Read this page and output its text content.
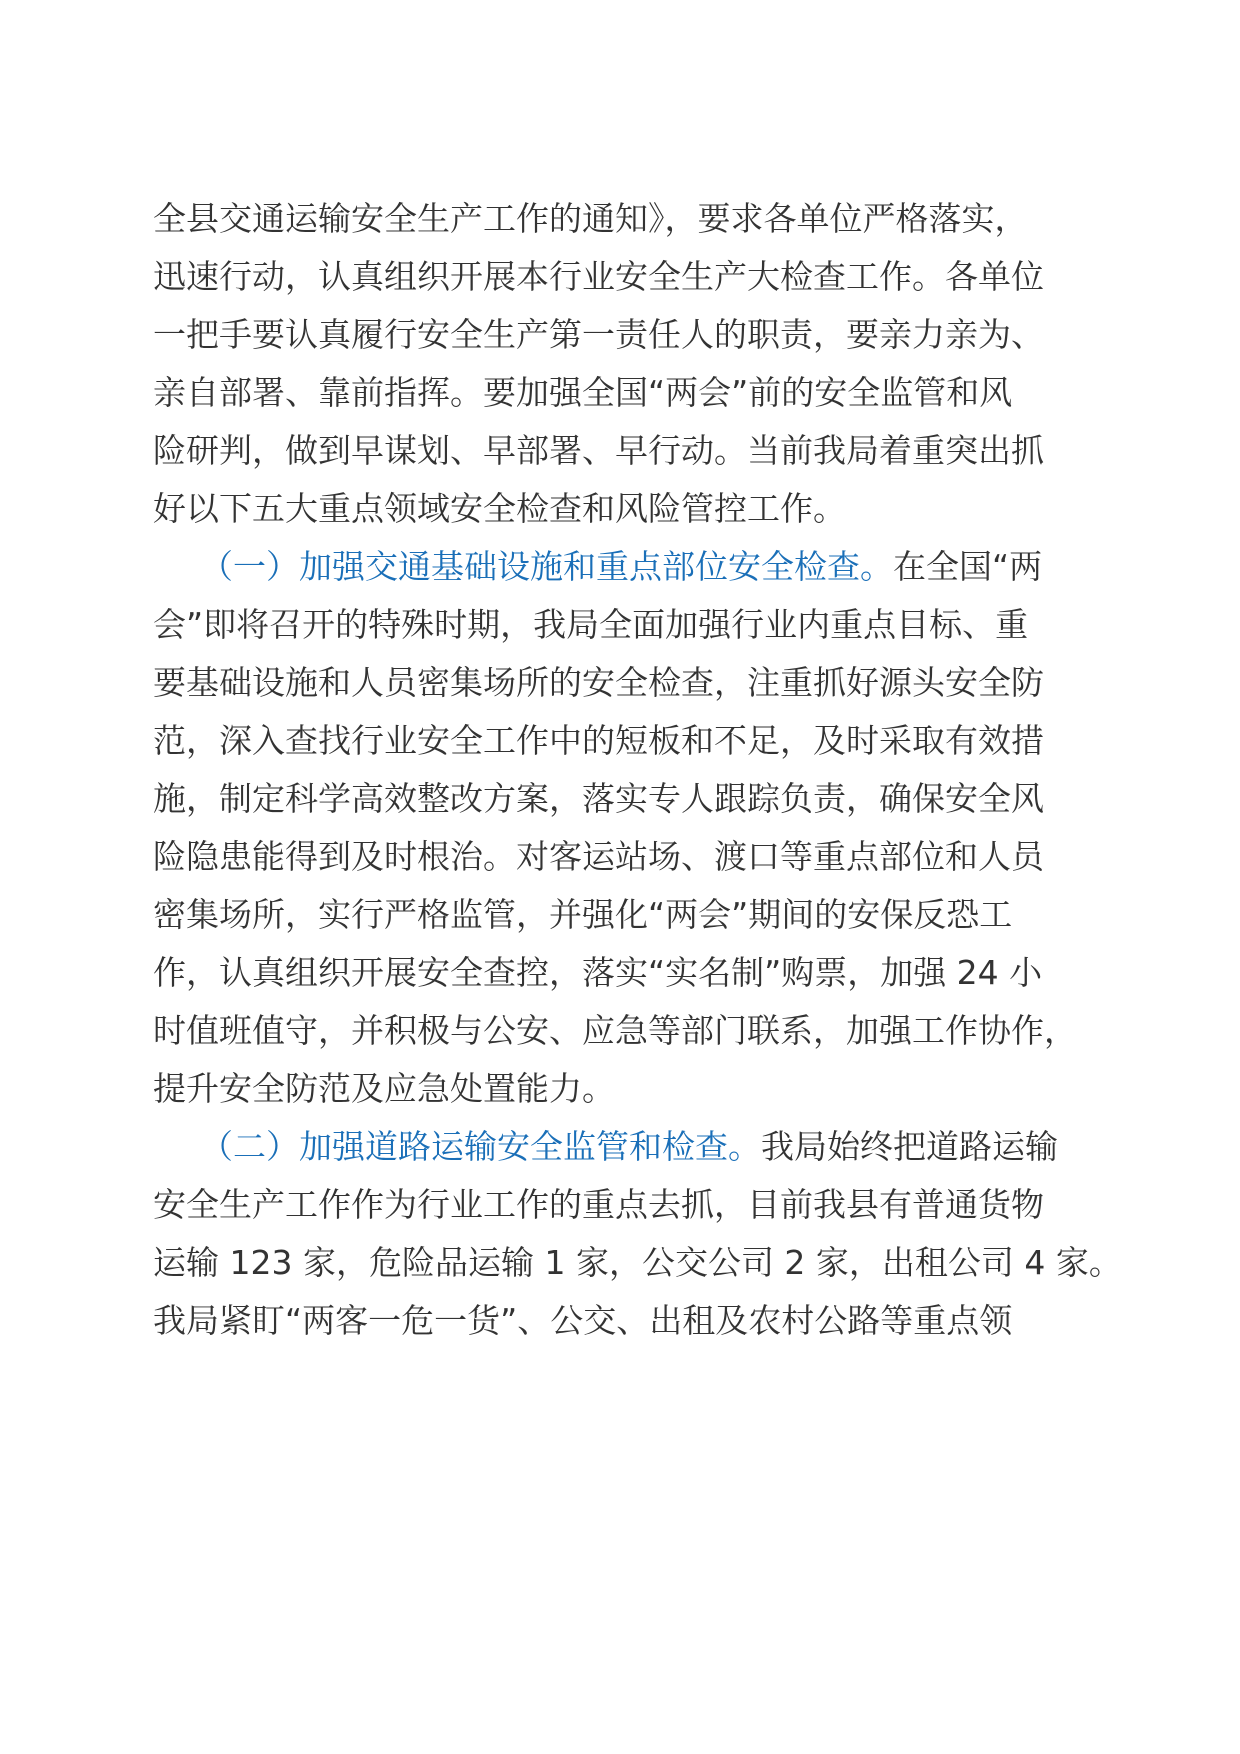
全县交通运输安全生产工作的通知》，要求各单位严格落实，
迅速行动，认真组织开展本行业安全生产大检查工作。各单位
一把手要认真履行安全生产第一责任人的职责，要亲力亲为、
亲自部署、靠前指挥。要加强全国“两会”前的安全监管和风
险研判，做到早谋划、早部署、早行动。当前我局着重突出抓
好以下五大重点领域安全检查和风险管控工作。
（一）加强交通基础设施和重点部位安全检查。在全国“两
会”即将召开的特殊时期，我局全面加强行业内重点目标、重
要基础设施和人员密集场所的安全检查，注重抓好源头安全防
范，深入查找行业安全工作中的短板和不足，及时采取有效措
施，制定科学高效整改方案，落实专人跟踪负责，确保安全风
险隐患能得到及时根治。对客运站场、渡口等重点部位和人员
密集场所，实行严格监管，并强化“两会”期间的安保反恐工
作，认真组织开展安全查控，落实“实名制”购票，加强 24 小
时值班值守，并积极与公安、应急等部门联系，加强工作协作，
提升安全防范及应急处置能力。
（二）加强道路运输安全监管和检查。我局始终把道路运输
安全生产工作作为行业工作的重点去抓，目前我县有普通货物
运输 123 家，危险品运输 1 家，公交公司 2 家，出租公司 4 家。
我局紧盯“两客一危一货”、公交、出租及农村公路等重点领
